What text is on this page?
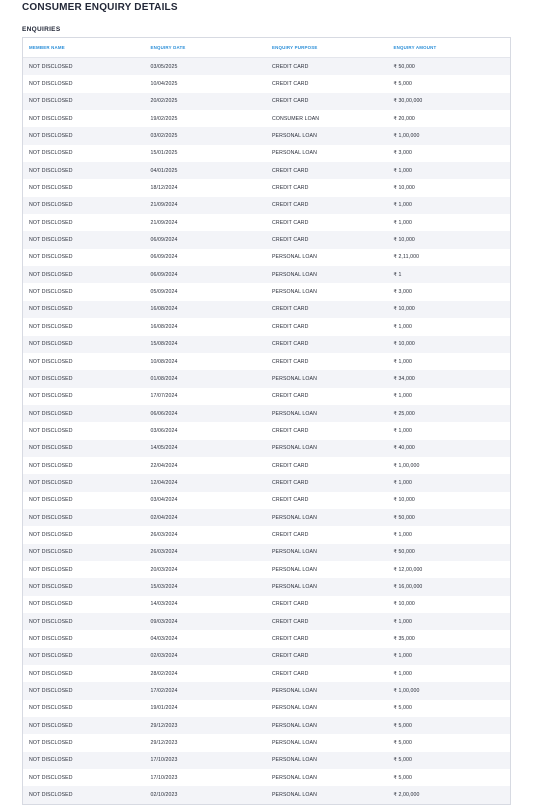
CONSUMER ENQUIRY DETAILS
ENQUIRIES
MEMBER NAME	ENQUIRY DATE	ENQUIRY PURPOSE	ENQUIRY AMOUNT
NOT DISCLOSED	03/05/2025	CREDIT CARD	₹ 50,000
NOT DISCLOSED	10/04/2025	CREDIT CARD	₹ 5,000
NOT DISCLOSED	20/02/2025	CREDIT CARD	₹ 30,00,000
NOT DISCLOSED	19/02/2025	CONSUMER LOAN	₹ 20,000
NOT DISCLOSED	03/02/2025	PERSONAL LOAN	₹ 1,00,000
NOT DISCLOSED	15/01/2025	PERSONAL LOAN	₹ 3,000
NOT DISCLOSED	04/01/2025	CREDIT CARD	₹ 1,000
NOT DISCLOSED	18/12/2024	CREDIT CARD	₹ 10,000
NOT DISCLOSED	21/09/2024	CREDIT CARD	₹ 1,000
NOT DISCLOSED	21/09/2024	CREDIT CARD	₹ 1,000
NOT DISCLOSED	06/09/2024	CREDIT CARD	₹ 10,000
NOT DISCLOSED	06/09/2024	PERSONAL LOAN	₹ 2,11,000
NOT DISCLOSED	06/09/2024	PERSONAL LOAN	₹ 1
NOT DISCLOSED	05/09/2024	PERSONAL LOAN	₹ 3,000
NOT DISCLOSED	16/08/2024	CREDIT CARD	₹ 10,000
NOT DISCLOSED	16/08/2024	CREDIT CARD	₹ 1,000
NOT DISCLOSED	15/08/2024	CREDIT CARD	₹ 10,000
NOT DISCLOSED	10/08/2024	CREDIT CARD	₹ 1,000
NOT DISCLOSED	01/08/2024	PERSONAL LOAN	₹ 34,000
NOT DISCLOSED	17/07/2024	CREDIT CARD	₹ 1,000
NOT DISCLOSED	06/06/2024	PERSONAL LOAN	₹ 25,000
NOT DISCLOSED	03/06/2024	CREDIT CARD	₹ 1,000
NOT DISCLOSED	14/05/2024	PERSONAL LOAN	₹ 40,000
NOT DISCLOSED	22/04/2024	CREDIT CARD	₹ 1,00,000
NOT DISCLOSED	12/04/2024	CREDIT CARD	₹ 1,000
NOT DISCLOSED	03/04/2024	CREDIT CARD	₹ 10,000
NOT DISCLOSED	02/04/2024	PERSONAL LOAN	₹ 50,000
NOT DISCLOSED	26/03/2024	CREDIT CARD	₹ 1,000
NOT DISCLOSED	26/03/2024	PERSONAL LOAN	₹ 50,000
NOT DISCLOSED	20/03/2024	PERSONAL LOAN	₹ 12,00,000
NOT DISCLOSED	15/03/2024	PERSONAL LOAN	₹ 16,00,000
NOT DISCLOSED	14/03/2024	CREDIT CARD	₹ 10,000
NOT DISCLOSED	09/03/2024	CREDIT CARD	₹ 1,000
NOT DISCLOSED	04/03/2024	CREDIT CARD	₹ 35,000
NOT DISCLOSED	02/03/2024	CREDIT CARD	₹ 1,000
NOT DISCLOSED	28/02/2024	CREDIT CARD	₹ 1,000
NOT DISCLOSED	17/02/2024	PERSONAL LOAN	₹ 1,00,000
NOT DISCLOSED	19/01/2024	PERSONAL LOAN	₹ 5,000
NOT DISCLOSED	29/12/2023	PERSONAL LOAN	₹ 5,000
NOT DISCLOSED	29/12/2023	PERSONAL LOAN	₹ 5,000
NOT DISCLOSED	17/10/2023	PERSONAL LOAN	₹ 5,000
NOT DISCLOSED	17/10/2023	PERSONAL LOAN	₹ 5,000
NOT DISCLOSED	02/10/2023	PERSONAL LOAN	₹ 2,00,000
